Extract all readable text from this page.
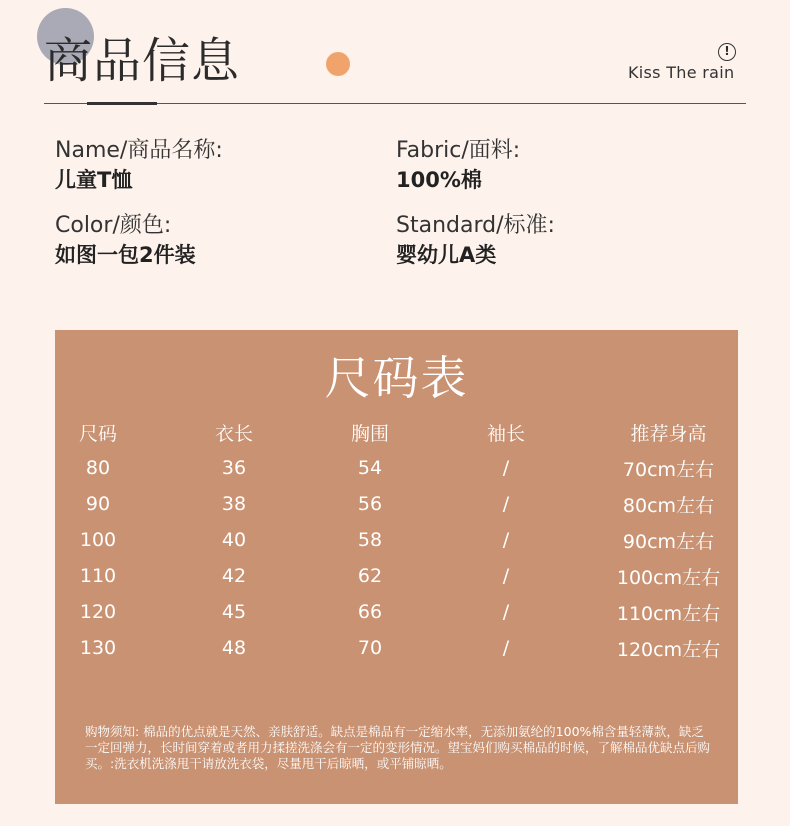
商品信息	!
Kiss The rain
Name/商品名称:
儿童T恤
Fabric/面料:
100%棉
Color/颜色:
如图一包2件装
Standard/标准:
婴幼儿A类
尺码表
尺码	衣长	胸围	袖长	推荐身高
80	36	54	/	70cm左右
90	38	56	/	80cm左右
100	40	58	/	90cm左右
110	42	62	/	100cm左右
120	45	66	/	110cm左右
130	48	70	/	120cm左右
购物须知: 棉品的优点就是天然、亲肤舒适。缺点是棉品有一定缩水率，无添加氨纶的100%棉含量轻薄款，缺乏一定回弹力，长时间穿着或者用力揉搓洗涤会有一定的变形情况。望宝妈们购买棉品的时候，了解棉品优缺点后购买。:洗衣机洗涤甩干请放洗衣袋，尽量甩干后晾晒，或平铺晾晒。
